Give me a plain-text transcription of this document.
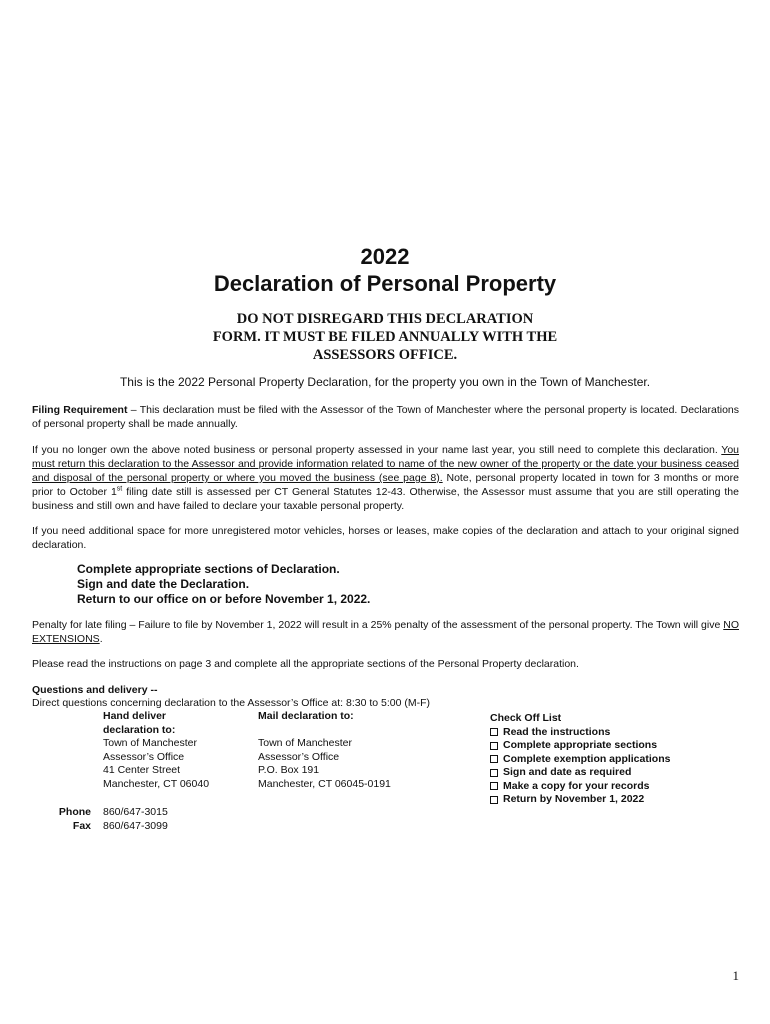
2022
Declaration of Personal Property
DO NOT DISREGARD THIS DECLARATION
FORM. IT MUST BE FILED ANNUALLY WITH THE
ASSESSORS OFFICE.
This is the 2022 Personal Property Declaration, for the property you own in the Town of Manchester.
Filing Requirement – This declaration must be filed with the Assessor of the Town of Manchester where the personal property is located. Declarations of personal property shall be made annually.
If you no longer own the above noted business or personal property assessed in your name last year, you still need to complete this declaration. You must return this declaration to the Assessor and provide information related to name of the new owner of the property or the date your business ceased and disposal of the personal property or where you moved the business (see page 8). Note, personal property located in town for 3 months or more prior to October 1st filing date still is assessed per CT General Statutes 12-43. Otherwise, the Assessor must assume that you are still operating the business and still own and have failed to declare your taxable personal property.
If you need additional space for more unregistered motor vehicles, horses or leases, make copies of the declaration and attach to your original signed declaration.
Complete appropriate sections of Declaration.
Sign and date the Declaration.
Return to our office on or before November 1, 2022.
Penalty for late filing – Failure to file by November 1, 2022 will result in a 25% penalty of the assessment of the personal property. The Town will give NO EXTENSIONS.
Please read the instructions on page 3 and complete all the appropriate sections of the Personal Property declaration.
Questions and delivery --
Direct questions concerning declaration to the Assessor’s Office at: 8:30 to 5:00 (M-F)
Hand deliver
declaration to:
Town of Manchester
Assessor’s Office
41 Center Street
Manchester, CT 06040
Mail declaration to:
Town of Manchester
Assessor’s Office
P.O. Box 191
Manchester, CT 06045-0191
Check Off List
Read the instructions
Complete appropriate sections
Complete exemption applications
Sign and date as required
Make a copy for your records
Return by November 1, 2022
Phone 860/647-3015
Fax 860/647-3099
1
